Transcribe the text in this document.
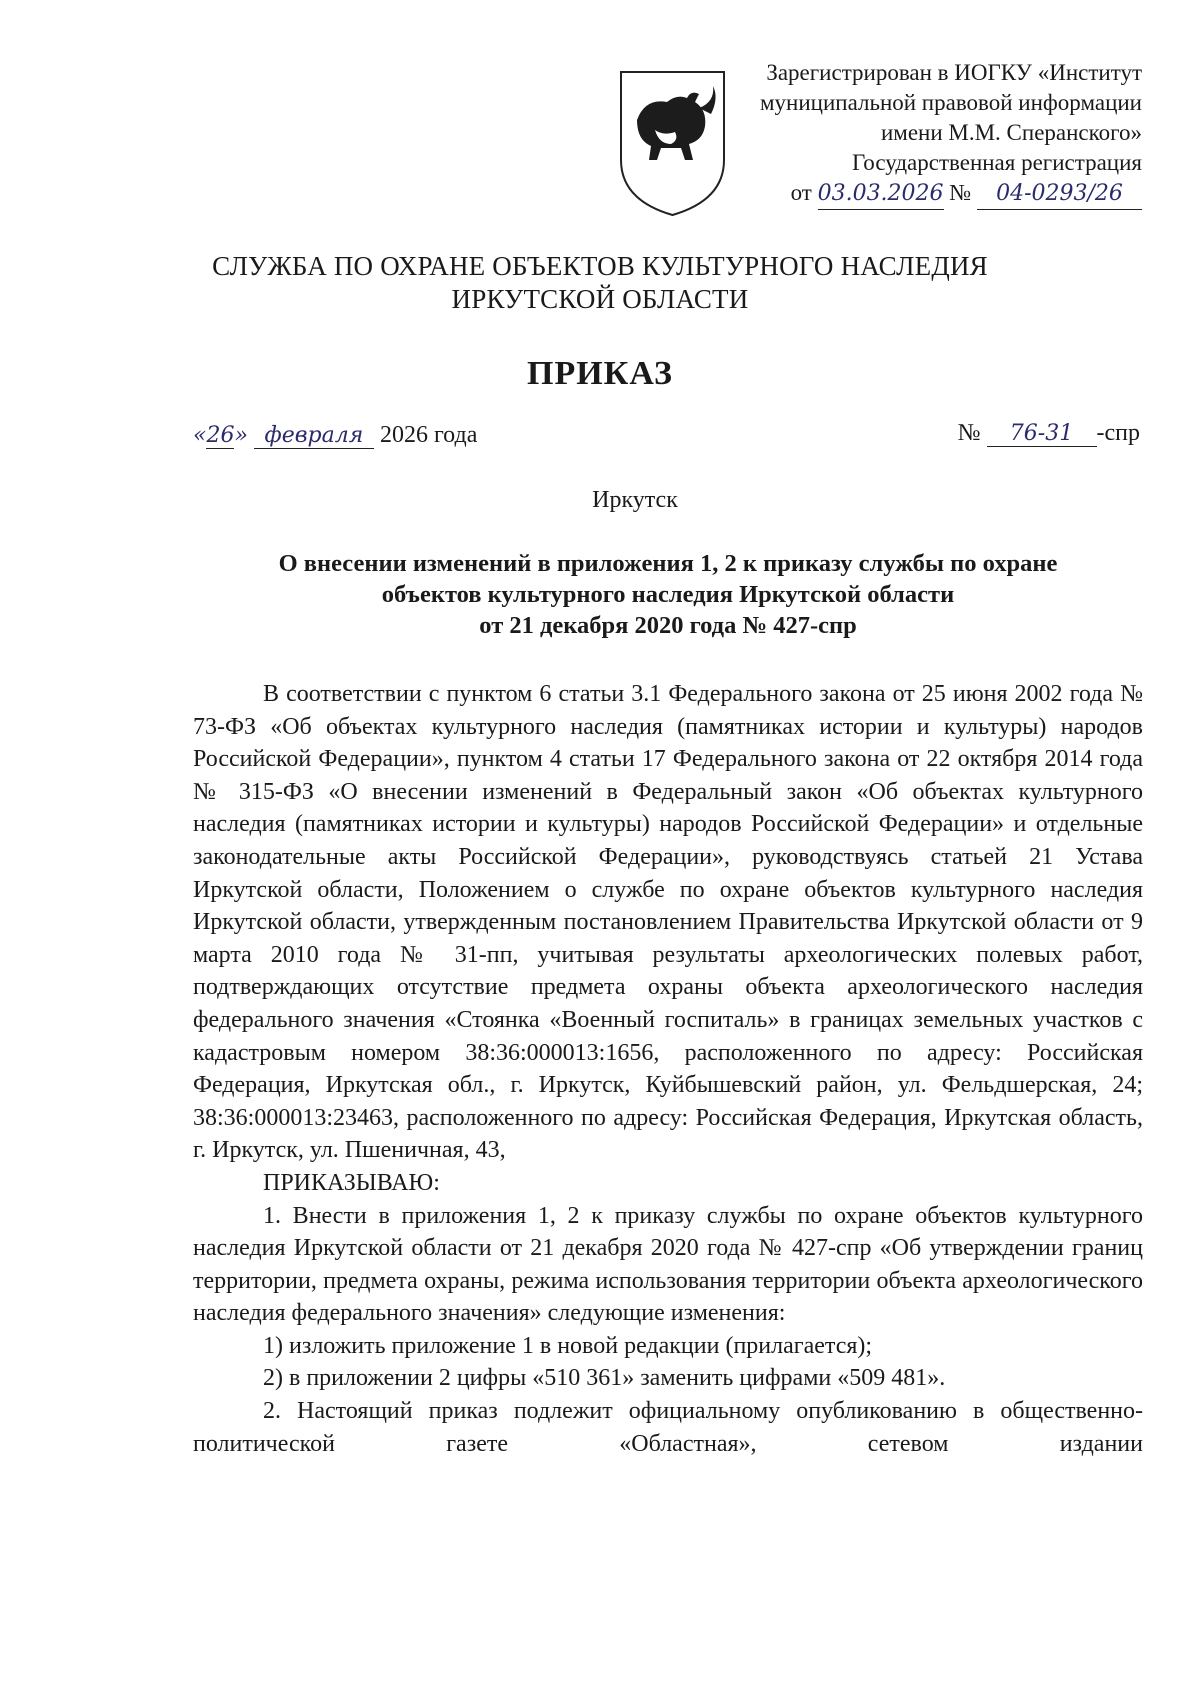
Зарегистрирован в ИОГКУ «Институт
муниципальной правовой информации
имени М.М. Сперанского»
Государственная регистрация
от 03.03.2026 № 04-0293/26
СЛУЖБА ПО ОХРАНЕ ОБЪЕКТОВ КУЛЬТУРНОГО НАСЛЕДИЯ
ИРКУТСКОЙ ОБЛАСТИ
ПРИКАЗ
«26» февраля 2026 года	№ 76-31 -спр
Иркутск
О внесении изменений в приложения 1, 2 к приказу службы по охране
объектов культурного наследия Иркутской области
от 21 декабря 2020 года № 427-спр

В соответствии с пунктом 6 статьи 3.1 Федерального закона от 25 июня 2002 года № 73-ФЗ «Об объектах культурного наследия (памятниках истории и культуры) народов Российской Федерации», пунктом 4 статьи 17 Федерального закона от 22 октября 2014 года № 315-ФЗ «О внесении изменений в Федеральный закон «Об объектах культурного наследия (памятниках истории и культуры) народов Российской Федерации» и отдельные законодательные акты Российской Федерации», руководствуясь статьей 21 Устава Иркутской области, Положением о службе по охране объектов культурного наследия Иркутской области, утвержденным постановлением Правительства Иркутской области от 9 марта 2010 года № 31-пп, учитывая результаты археологических полевых работ, подтверждающих отсутствие предмета охраны объекта археологического наследия федерального значения «Стоянка «Военный госпиталь» в границах земельных участков с кадастровым номером 38:36:000013:1656, расположенного по адресу: Российская Федерация, Иркутская обл., г. Иркутск, Куйбышевский район, ул. Фельдшерская, 24; 38:36:000013:23463, расположенного по адресу: Российская Федерация, Иркутская область, г. Иркутск, ул. Пшеничная, 43,

ПРИКАЗЫВАЮ:

1. Внести в приложения 1, 2 к приказу службы по охране объектов культурного наследия Иркутской области от 21 декабря 2020 года № 427-спр «Об утверждении границ территории, предмета охраны, режима использования территории объекта археологического наследия федерального значения» следующие изменения:

1) изложить приложение 1 в новой редакции (прилагается);

2) в приложении 2 цифры «510 361» заменить цифрами «509 481».

2. Настоящий приказ подлежит официальному опубликованию в общественно-политической газете «Областная», сетевом издании
